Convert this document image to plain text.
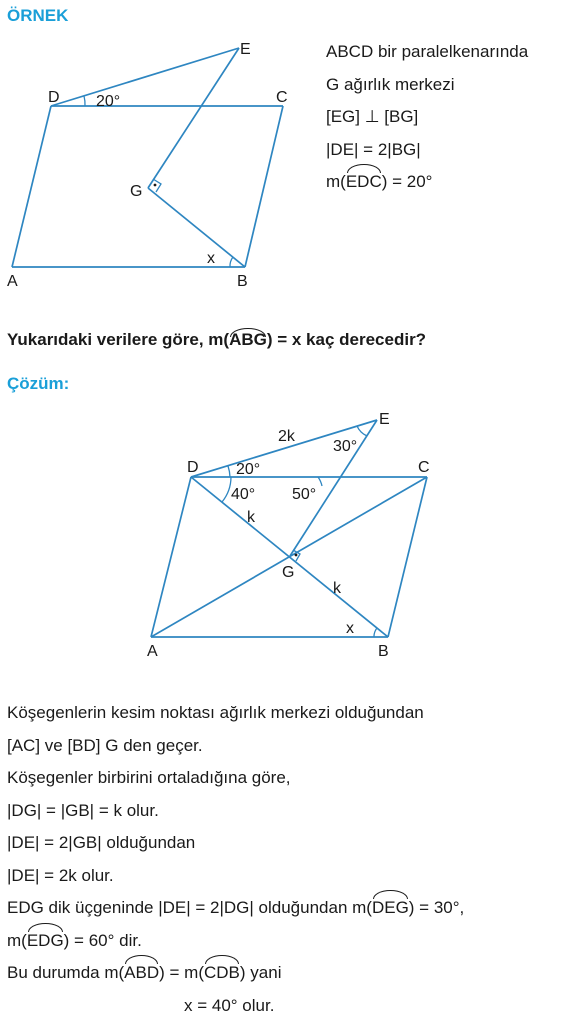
ÖRNEK
D	C
A	B
E
G
20°
x
ABCD bir paralelkenarında
G ağırlık merkezi
[EG] ⊥ [BG]
|DE| = 2|BG|
m(EDC) = 20°
Yukarıdaki verilere göre, m(ABG) = x kaç derecedir?
Çözüm:
D	C
A	B
E
G
2k
30°
20°
40° 50°
k
k
x
Köşegenlerin kesim noktası ağırlık merkezi olduğundan
[AC] ve [BD] G den geçer.
Köşegenler birbirini ortaladığına göre,
|DG| = |GB| = k olur.
|DE| = 2|GB| olduğundan
|DE| = 2k olur.
EDG dik üçgeninde |DE| = 2|DG| olduğundan m(DEG) = 30°,
m(EDG) = 60° dir.
Bu durumda m(ABD) = m(CDB) yani
x = 40° olur.
